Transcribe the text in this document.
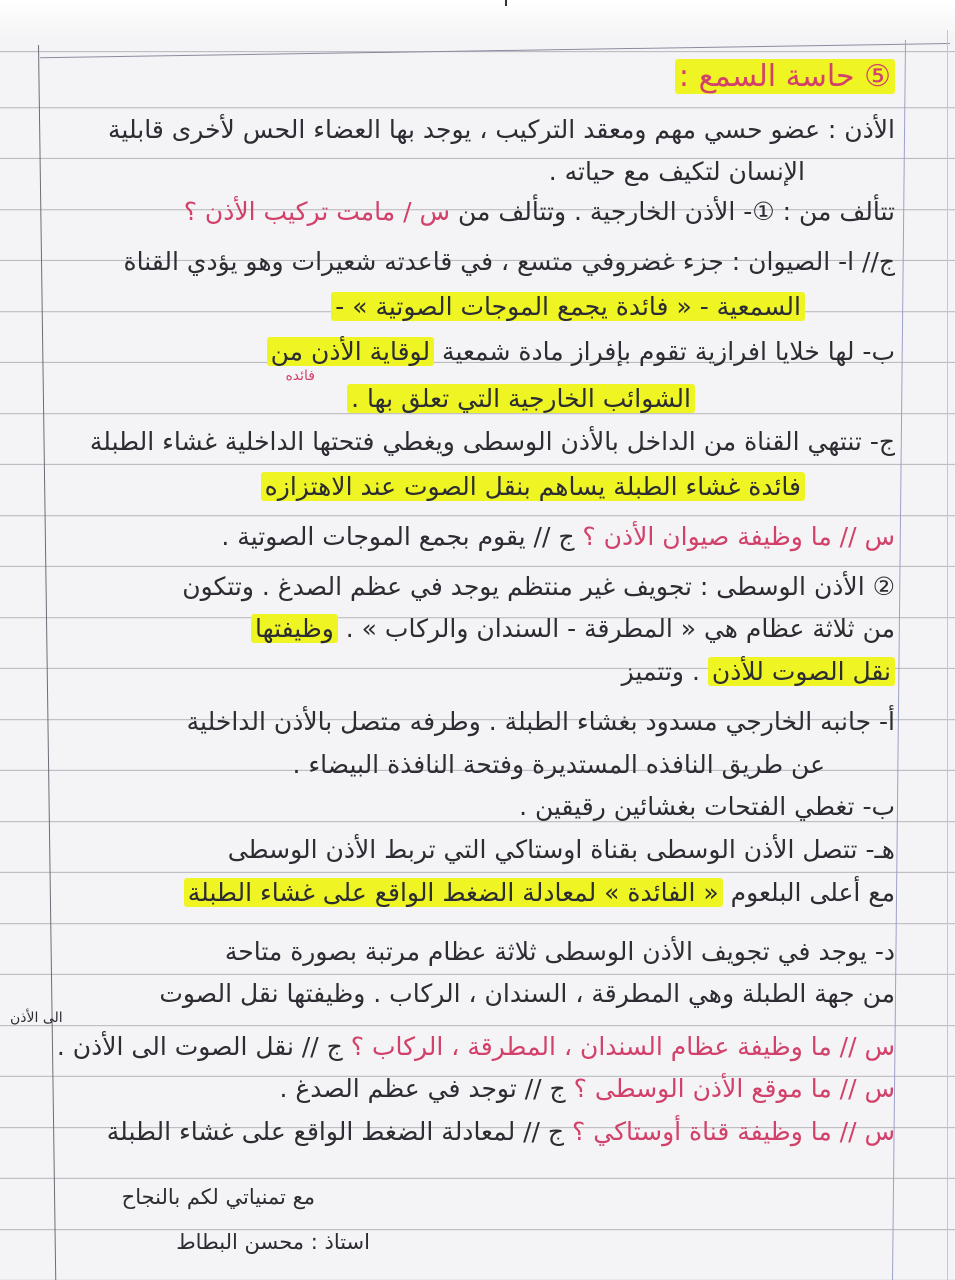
⑤ حاسة السمع :
الأذن : عضو حسي مهم ومعقد التركيب ، يوجد بها العضاء الحس لأخرى قابلية
الإنسان لتكيف مع حياته .
تتألف من : ①- الأذن الخارجية . وتتألف من س / مامت تركيب الأذن ؟
ج// ا- الصيوان : جزء غضروفي متسع ، في قاعدته شعيرات وهو يؤدي القناة
السمعية - « فائدة يجمع الموجات الصوتية » -
ب- لها خلايا افرازية تقوم بإفراز مادة شمعية لوقاية الأذن من
فائده
الشوائب الخارجية التي تعلق بها .
ج- تنتهي القناة من الداخل بالأذن الوسطى ويغطي فتحتها الداخلية غشاء الطبلة
فائدة غشاء الطبلة يساهم بنقل الصوت عند الاهتزازه
س // ما وظيفة صيوان الأذن ؟ ج // يقوم بجمع الموجات الصوتية .
② الأذن الوسطى : تجويف غير منتظم يوجد في عظم الصدغ . وتتكون
من ثلاثة عظام هي « المطرقة - السندان والركاب » . وظيفتها
نقل الصوت للأذن . وتتميز
أ- جانبه الخارجي مسدود بغشاء الطبلة . وطرفه متصل بالأذن الداخلية
عن طريق النافذه المستديرة وفتحة النافذة البيضاء .
ب- تغطي الفتحات بغشائين رقيقين .
هـ- تتصل الأذن الوسطى بقناة اوستاكي التي تربط الأذن الوسطى
مع أعلى البلعوم « الفائدة » لمعادلة الضغط الواقع على غشاء الطبلة
د- يوجد في تجويف الأذن الوسطى ثلاثة عظام مرتبة بصورة متاحة
من جهة الطبلة وهي المطرقة ، السندان ، الركاب . وظيفتها نقل الصوت
الى الأذن
س // ما وظيفة عظام السندان ، المطرقة ، الركاب ؟ ج // نقل الصوت الى الأذن .
س // ما موقع الأذن الوسطى ؟ ج // توجد في عظم الصدغ .
س // ما وظيفة قناة أوستاكي ؟ ج // لمعادلة الضغط الواقع على غشاء الطبلة
مع تمنياتي لكم بالنجاح
استاذ : محسن البطاط
